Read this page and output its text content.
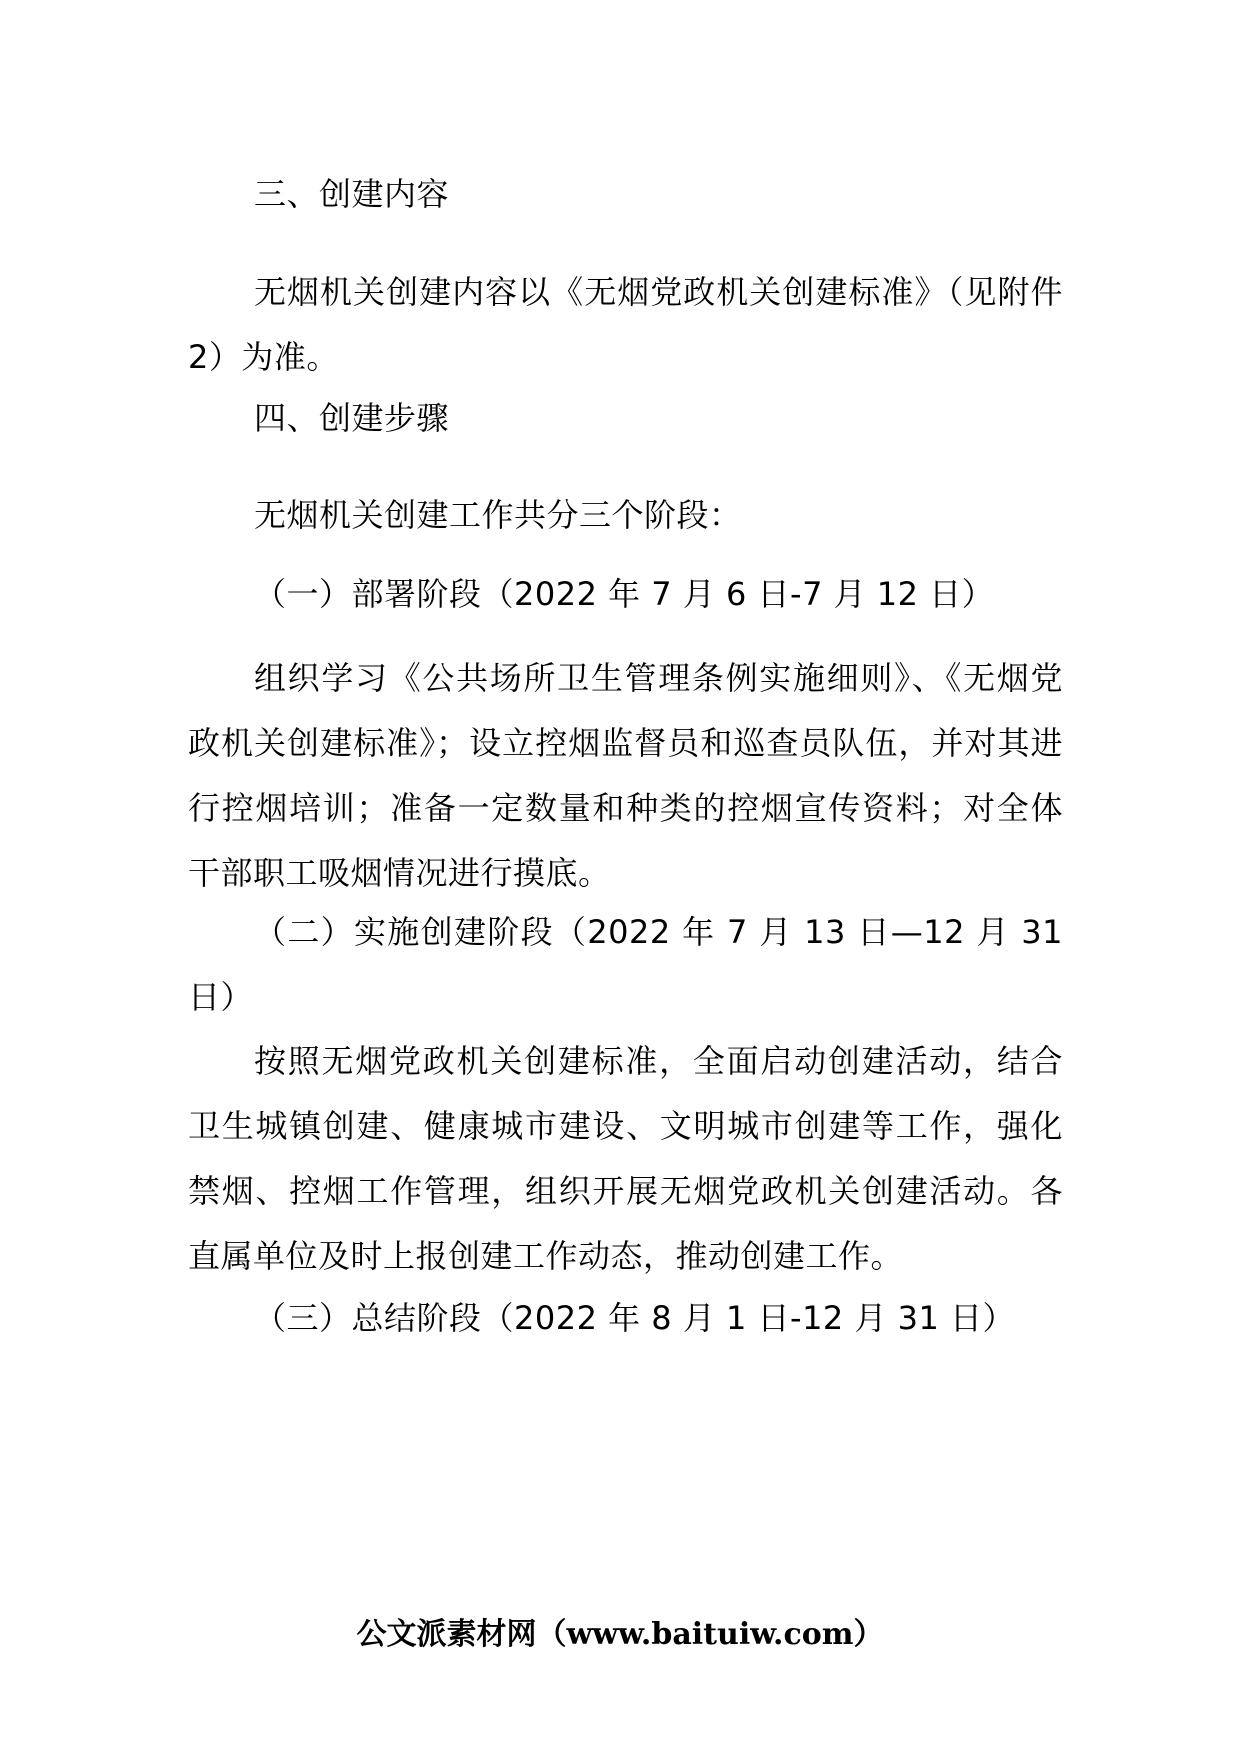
三、创建内容

无烟机关创建内容以《无烟党政机关创建标准》（见附件 2）为准。

四、创建步骤

无烟机关创建工作共分三个阶段：

（一）部署阶段（2022 年 7 月 6 日-7 月 12 日）

组织学习《公共场所卫生管理条例实施细则》、《无烟党政机关创建标准》；设立控烟监督员和巡查员队伍，并对其进行控烟培训；准备一定数量和种类的控烟宣传资料；对全体干部职工吸烟情况进行摸底。

（二）实施创建阶段（2022 年 7 月 13 日—12 月 31 日）

按照无烟党政机关创建标准，全面启动创建活动，结合卫生城镇创建、健康城市建设、文明城市创建等工作，强化禁烟、控烟工作管理，组织开展无烟党政机关创建活动。各直属单位及时上报创建工作动态，推动创建工作。

（三）总结阶段（2022 年 8 月 1 日-12 月 31 日）

公文派素材网（www.baituiw.com）
